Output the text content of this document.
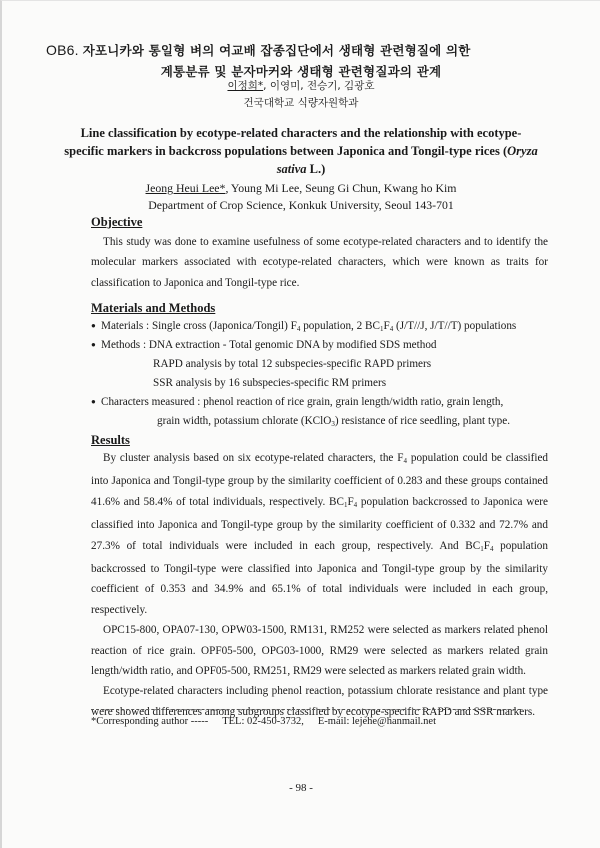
OB6. 자포니카와 통일형 벼의 여교배 잡종집단에서 생태형 관련형질에 의한
계통분류 및 분자마커와 생태형 관련형질과의 관계
이정희*, 이영미, 전승기, 김광호
건국대학교 식량자원학과
Line classification by ecotype-related characters and the relationship with ecotype-specific markers in backcross populations between Japonica and Tongil-type rices (Oryza sativa L.)
Jeong Heui Lee*, Young Mi Lee, Seung Gi Chun, Kwang ho Kim
Department of Crop Science, Konkuk University, Seoul 143-701
Objective

This study was done to examine usefulness of some ecotype-related characters and to identify the molecular markers associated with ecotype-related characters, which were known as traits for classification to Japonica and Tongil-type rice.

Materials and Methods
● Materials : Single cross (Japonica/Tongil) $F_4$ population, 2 $BC_1F_4$ (J/T//J, J/T//T) populations
● Methods : DNA extraction - Total genomic DNA by modified SDS method
RAPD analysis by total 12 subspecies-specific RAPD primers
SSR analysis by 16 subspecies-specific RM primers
● Characters measured : phenol reaction of rice grain, grain length/width ratio, grain length,
grain width, potassium chlorate (KClO$_3$) resistance of rice seedling, plant type.
Results

By cluster analysis based on six ecotype-related characters, the $F_4$ population could be classified into Japonica and Tongil-type group by the similarity coefficient of 0.283 and these groups contained 41.6% and 58.4% of total individuals, respectively. $BC_1F_4$ population backcrossed to Japonica were classified into Japonica and Tongil-type group by the similarity coefficient of 0.332 and 72.7% and 27.3% of total individuals were included in each group, respectively. And $BC_1F_4$ population backcrossed to Tongil-type were classified into Japonica and Tongil-type group by the similarity coefficient of 0.353 and 34.9% and 65.1% of total individuals were included in each group, respectively.

OPC15-800, OPA07-130, OPW03-1500, RM131, RM252 were selected as markers related phenol reaction of rice grain. OPF05-500, OPG03-1000, RM29 were selected as markers related grain length/width ratio, and OPF05-500, RM251, RM29 were selected as markers related grain width.

Ecotype-related characters including phenol reaction, potassium chlorate resistance and plant type were showed differences among subgroups classified by ecotype-specific RAPD and SSR markers.

*Corresponding author ----- TEL: 02-450-3732, E-mail: lejehe@hanmail.net
- 98 -
